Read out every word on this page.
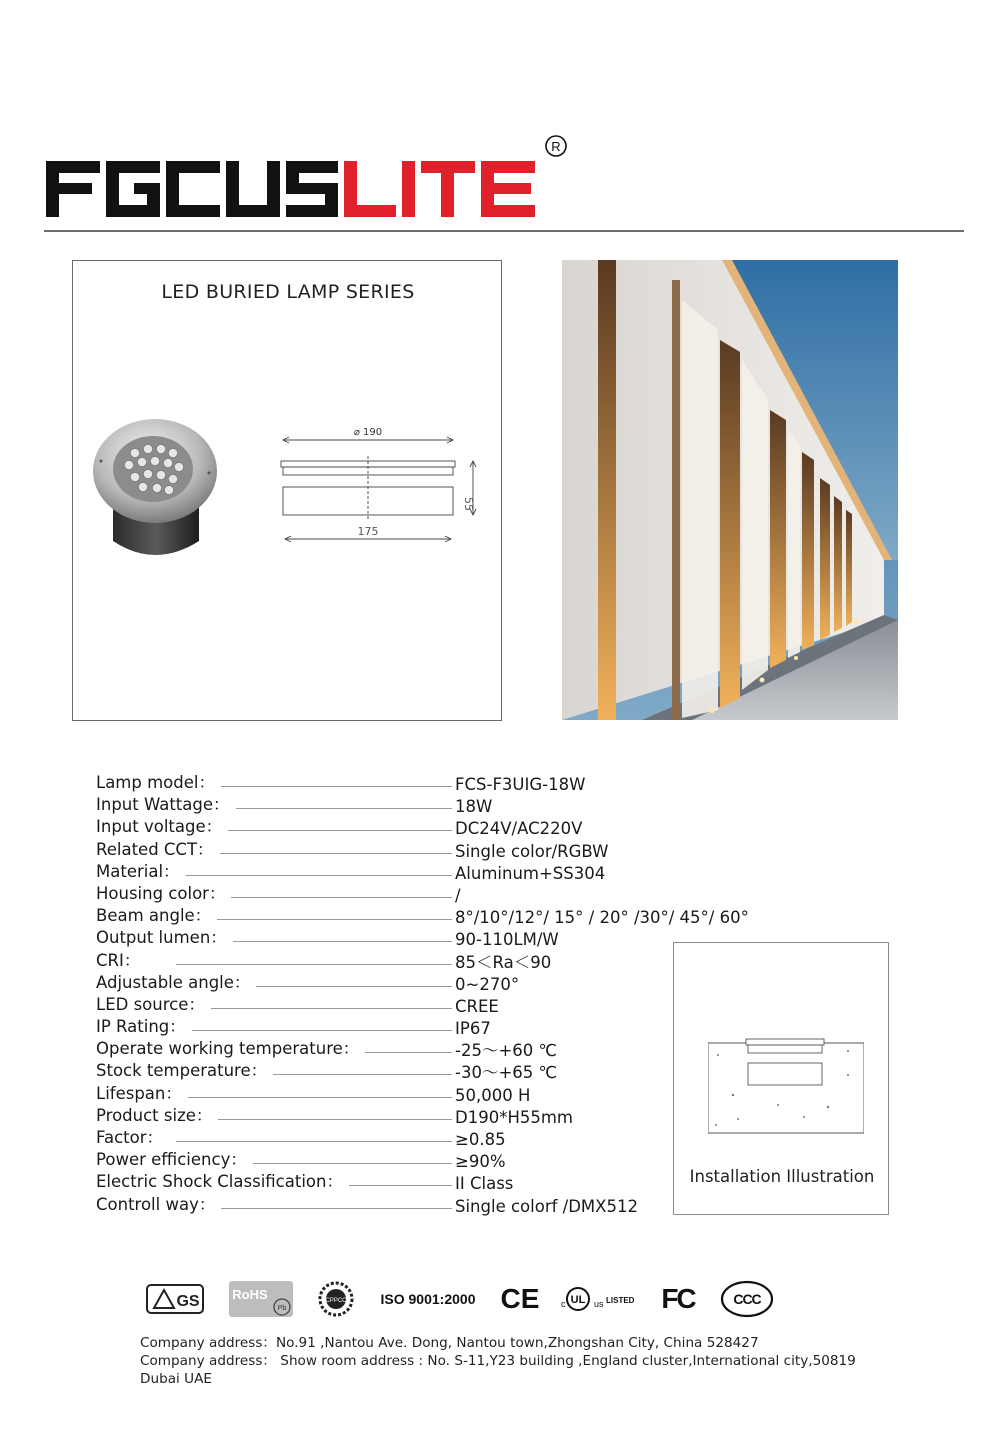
R
LED BURIED LAMP SERIES
⌀ 190
55
175
Lamp model：	FCS-F3UIG-18W
Input Wattage：	18W
Input voltage：	DC24V/AC220V
Related CCT：	Single color/RGBW
Material：	Aluminum+SS304
Housing color：	/
Beam angle：	8°/10°/12°/ 15° / 20° /30°/ 45°/ 60°
Output lumen：	90-110LM/W
CRI：	85＜Ra＜90
Adjustable angle：	0~270°
LED source：	CREE
IP Rating：	IP67
Operate working temperature：	-25～+60 ℃
Stock temperature：	-30～+65 ℃
Lifespan：	50,000 H
Product size：	D190*H55mm
Factor：	≥0.85
Power efficiency：	≥90%
Electric Shock Classification：	II Class
Controll way：	Single colorf /DMX512
Installation Illustration
GS	RoHS
Pb
CPPCC	ISO 9001:2000 CE c UL us LISTED FC	CCC
Company address：No.91 ,Nantou Ave. Dong, Nantou town,Zhongshan City, China 528427
Company address： Show room address : No. S-11,Y23 building ,England cluster,International city,50819 Dubai UAE
